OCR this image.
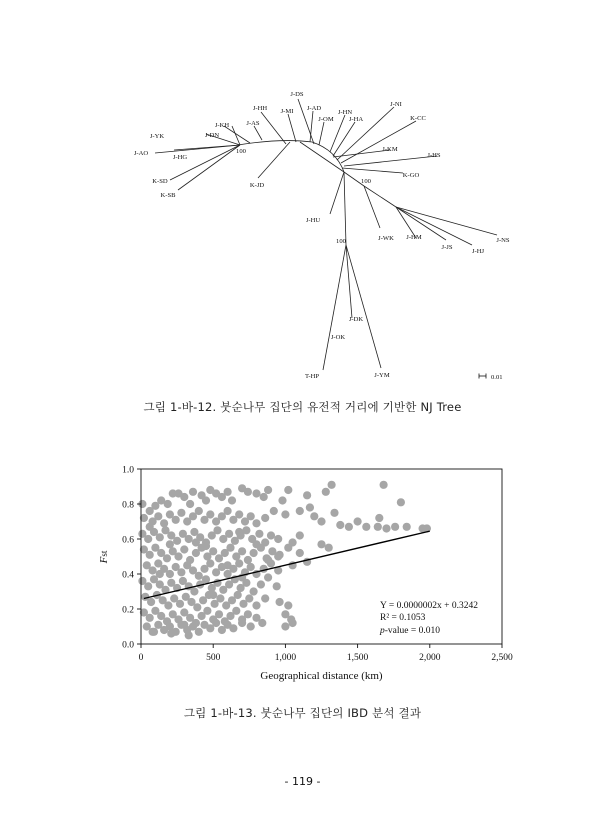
J-DS
J-HH J-MI J-AD
J-OM
J-HN
J-HA
J-NI
K-CC
J-KH	J-AS
J-YK	J-DN
J-AO
J-HG
K-SD
K-SB
K-JD
J-KM
J-HS
K-GO
J-HU
J-WK J-HM
J-JS
J-HJ
J-NS
J-DK
J-OK
T-HP	J-YM
100
100
100
0.01
그림 1-바-12. 붓순나무 집단의 유전적 거리에 기반한 NJ Tree
0	500	1,000	1,500	2,000	2,500
0.0
0.2
0.4
0.6
0.8
1.0
Geographical distance (km)
Fst
Y = 0.0000002x + 0.3242
R² = 0.1053
p-value = 0.010
그림 1-바-13. 붓순나무 집단의 IBD 분석 결과
- 119 -
